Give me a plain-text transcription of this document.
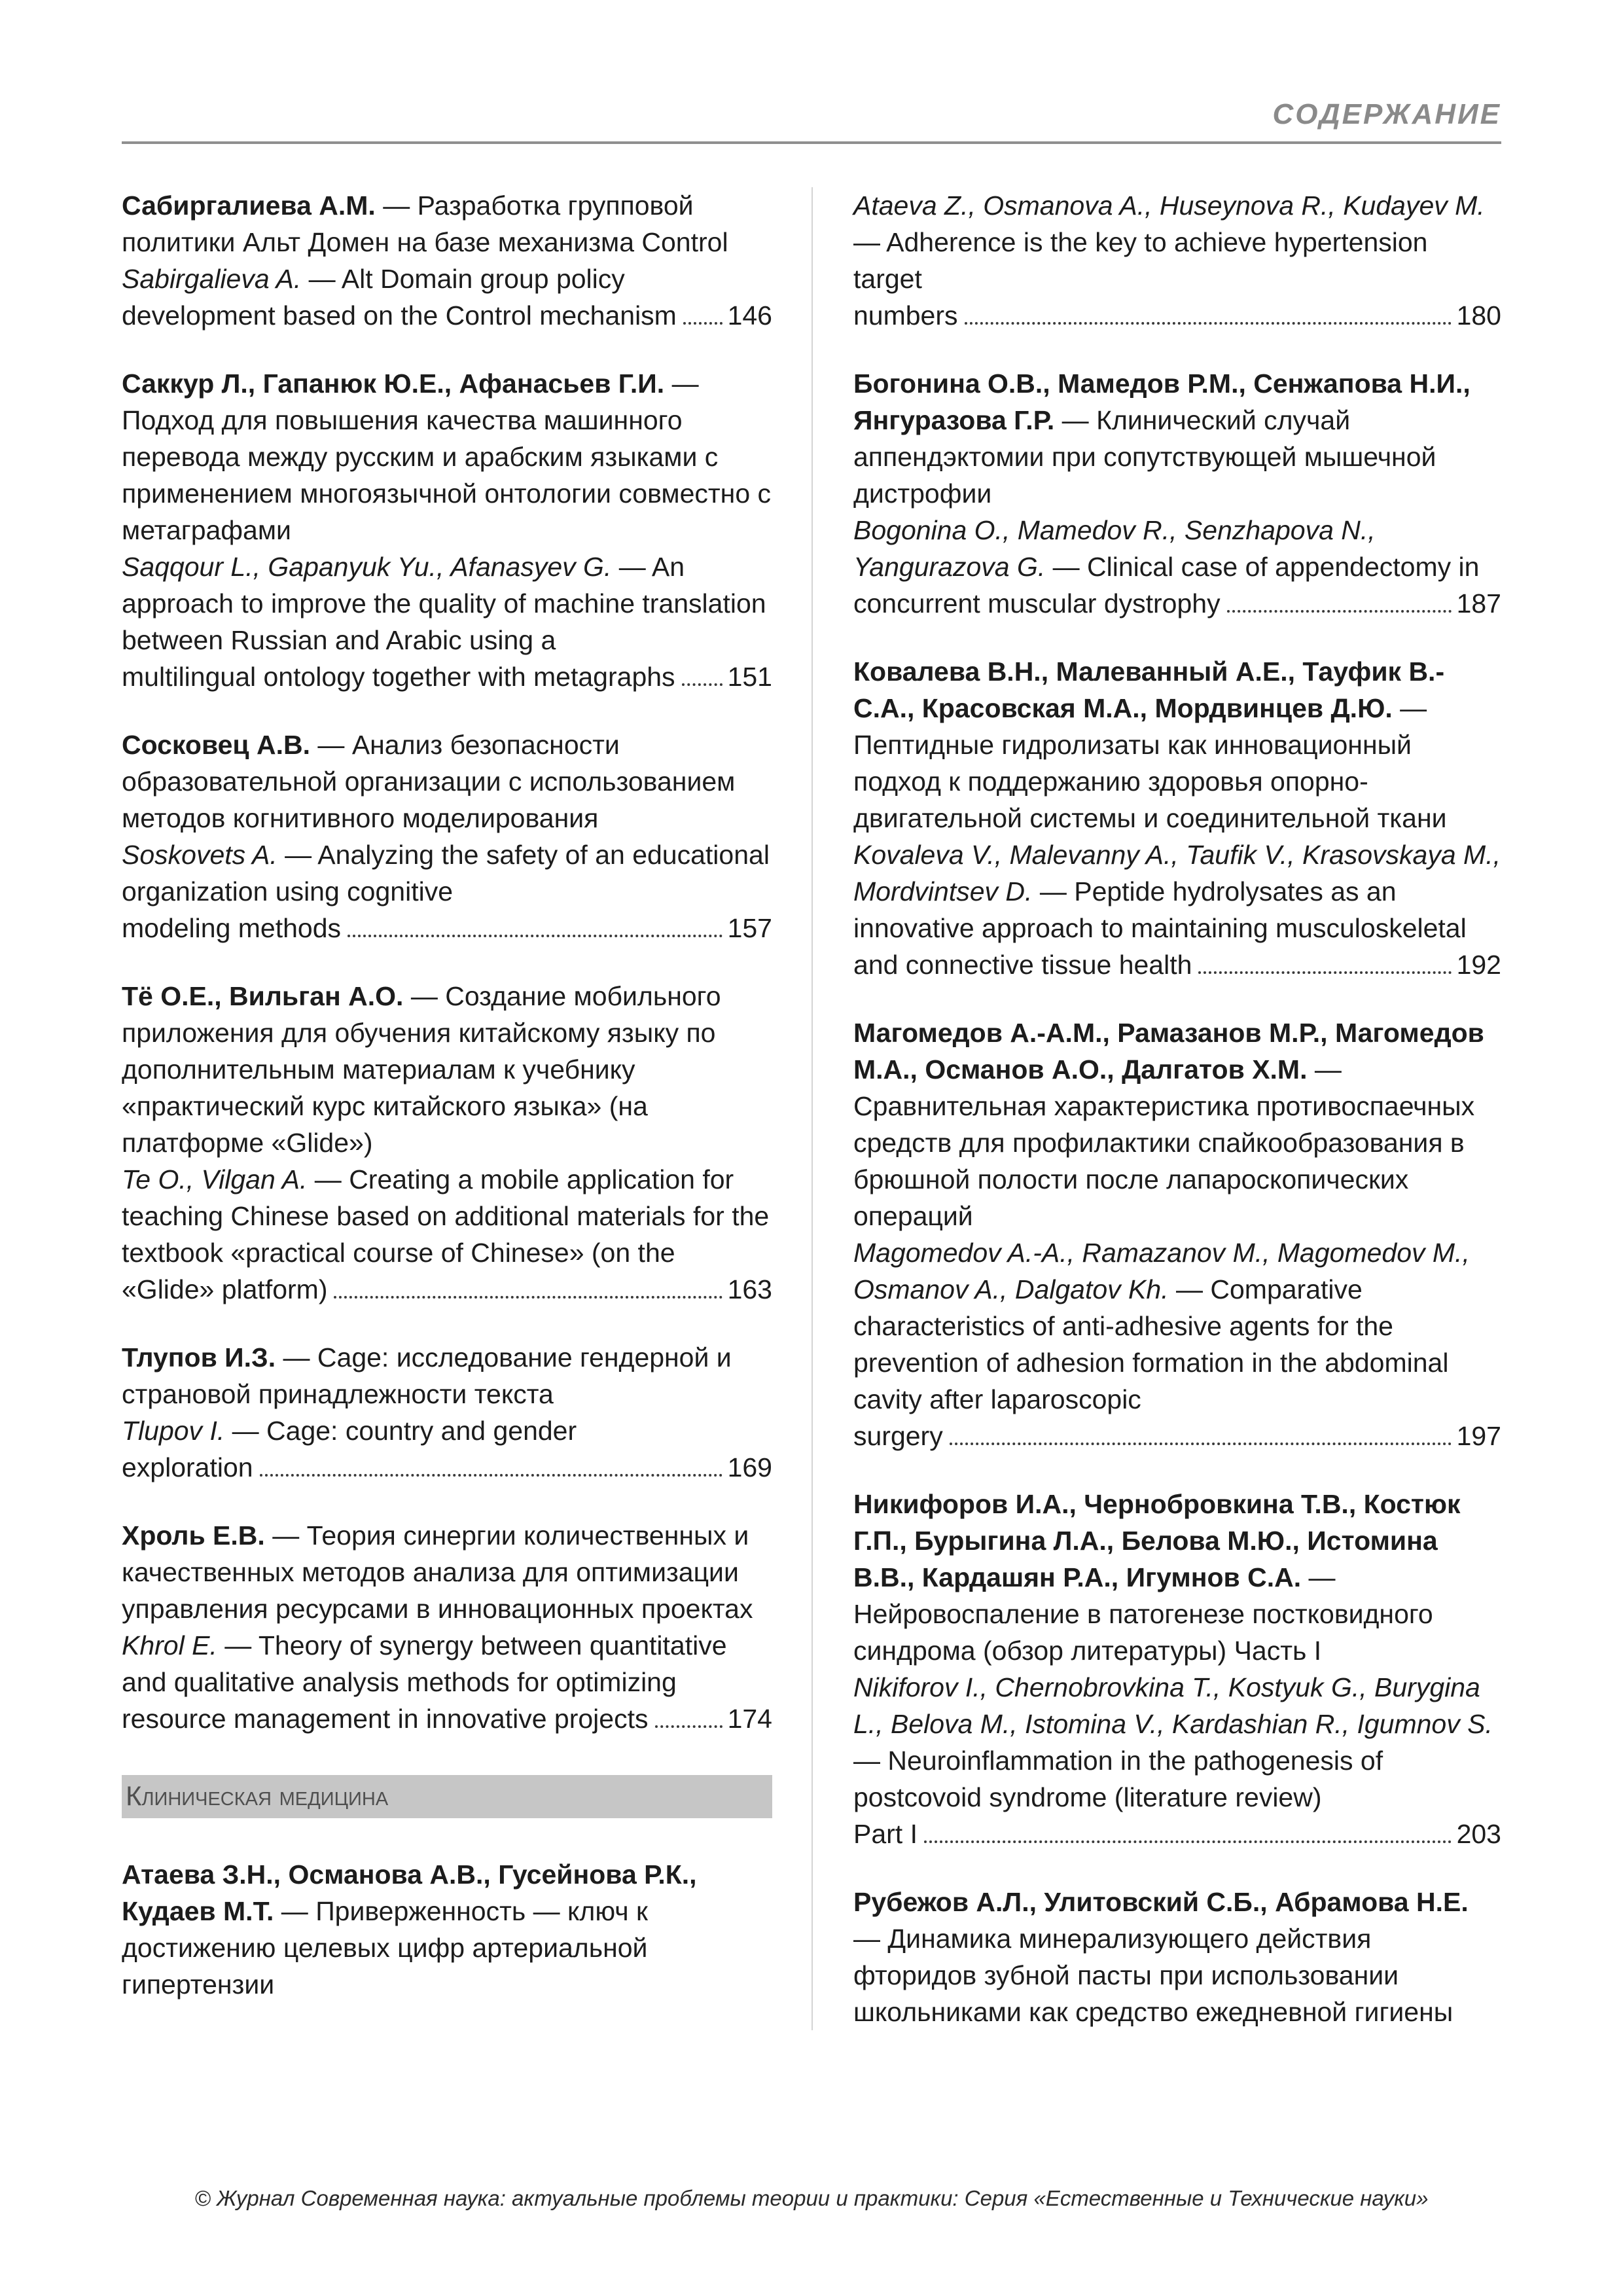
СОДЕРЖАНИЕ

Сабиргалиева А.М. — Разработка групповой политики Альт Домен на базе механизма Control

Sabirgalieva A. — Alt Domain group policy

development based on the Control mechanism 146

Саккур Л., Гапанюк Ю.Е., Афанасьев Г.И. — Подход для повышения качества машинного перевода между русским и арабским языками с применением многоязычной онтологии совместно с метаграфами

Saqqour L., Gapanyuk Yu., Afanasyev G. — An approach to improve the quality of machine translation between Russian and Arabic using a

multilingual ontology together with metagraphs 151

Сосковец А.В. — Анализ безопасности образовательной организации с использованием методов когнитивного моделирования

Soskovets A. — Analyzing the safety of an educational organization using cognitive

modeling methods	157

Тё О.Е., Вильган А.О. — Создание мобильного приложения для обучения китайскому языку по дополнительным материалам к учебнику «практический курс китайского языка» (на платформе «Glide»)

Te O., Vilgan A. — Creating a mobile application for teaching Chinese based on additional materials for the textbook «practical course of Chinese» (on the

«Glide» platform)	163

Тлупов И.З. — Cage: исследование гендерной и страновой принадлежности текста

Tlupov I. — Cage: country and gender

exploration	169

Хроль Е.В. — Теория синергии количественных и качественных методов анализа для оптимизации управления ресурсами в инновационных проектах

Khrol E. — Theory of synergy between quantitative and qualitative analysis methods for optimizing

resource management in innovative projects	174
Клиническая медицина

Атаева З.Н., Османова А.В., Гусейнова Р.К., Кудаев М.Т. — Приверженность — ключ к достижению целевых цифр артериальной гипертензии

Ataeva Z., Osmanova A., Huseynova R., Kudayev M. — Adherence is the key to achieve hypertension target

numbers	180

Богонина О.В., Мамедов Р.М., Сенжапова Н.И., Янгуразова Г.Р. — Клинический случай аппендэктомии при сопутствующей мышечной дистрофии

Bogonina O., Mamedov R., Senzhapova N., Yangurazova G. — Clinical case of appendectomy in

concurrent muscular dystrophy	187

Ковалева В.Н., Малеванный А.Е., Тауфик В.-С.А., Красовская М.А., Мордвинцев Д.Ю. — Пептидные гидролизаты как инновационный подход к поддержанию здоровья опорно-двигательной системы и соединительной ткани

Kovaleva V., Malevanny A., Taufik V., Krasovskaya M., Mordvintsev D. — Peptide hydrolysates as an innovative approach to maintaining musculoskeletal

and connective tissue health	192

Магомедов А.-А.М., Рамазанов М.Р., Магомедов М.А., Османов А.О., Далгатов Х.М. — Сравнительная характеристика противоспаечных средств для профилактики спайкообразования в брюшной полости после лапароскопических операций

Magomedov A.-A., Ramazanov M., Magomedov M., Osmanov A., Dalgatov Kh. — Comparative characteristics of anti-adhesive agents for the prevention of adhesion formation in the abdominal cavity after laparoscopic

surgery	197

Никифоров И.А., Чернобровкина Т.В., Костюк Г.П., Бурыгина Л.А., Белова М.Ю., Истомина В.В., Кардашян Р.А., Игумнов С.А. — Нейровоспаление в патогенезе постковидного синдрома (обзор литературы) Часть I

Nikiforov I., Chernobrovkina T., Kostyuk G., Burygina L., Belova M., Istomina V., Kardashian R., Igumnov S. — Neuroinflammation in the pathogenesis of postcovoid syndrome (literature review)

Part I	203

Рубежов А.Л., Улитовский С.Б., Абрамова Н.Е. — Динамика минерализующего действия фторидов зубной пасты при использовании школьниками как средство ежедневной гигиены

© Журнал Современная наука: актуальные проблемы теории и практики: Серия «Естественные и Технические науки»
